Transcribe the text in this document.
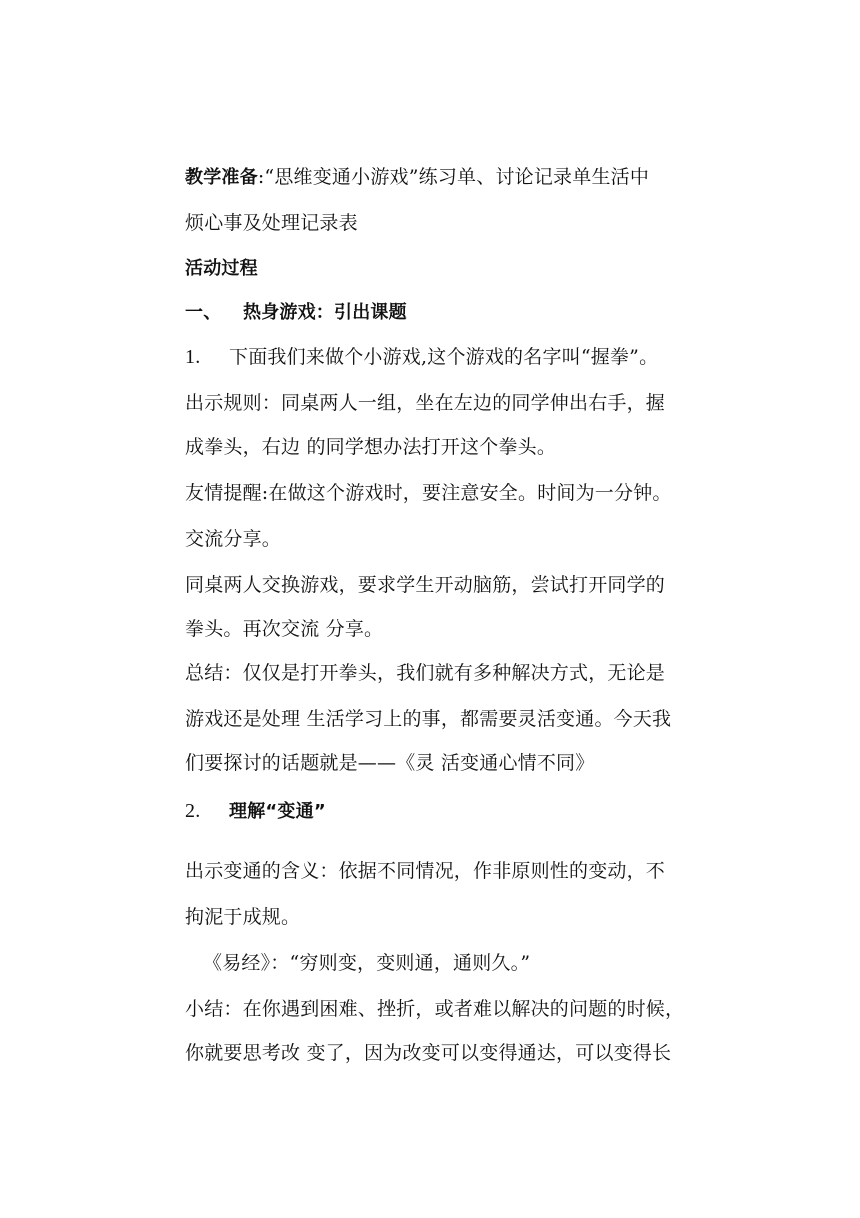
教学准备:“思维变通小游戏”练习单、讨论记录单生活中
烦心事及处理记录表
活动过程
一、 热身游戏：引出课题
1. 下面我们来做个小游戏,这个游戏的名字叫“握拳”。
出示规则：同桌两人一组，坐在左边的同学伸出右手，握
成拳头，右边 的同学想办法打开这个拳头。
友情提醒:在做这个游戏时，要注意安全。时间为一分钟。
交流分享。
同桌两人交换游戏，要求学生开动脑筋，尝试打开同学的
拳头。再次交流 分享。
总结：仅仅是打开拳头，我们就有多种解决方式，无论是
游戏还是处理 生活学习上的事，都需要灵活变通。今天我
们要探讨的话题就是——《灵 活变通心情不同》
2. 理解“变通”
出示变通的含义：依据不同情况，作非原则性的变动，不
拘泥于成规。
《易经》：“穷则变，变则通，通则久。”
小结：在你遇到困难、挫折，或者难以解决的问题的时候，
你就要思考改 变了，因为改变可以变得通达，可以变得长
